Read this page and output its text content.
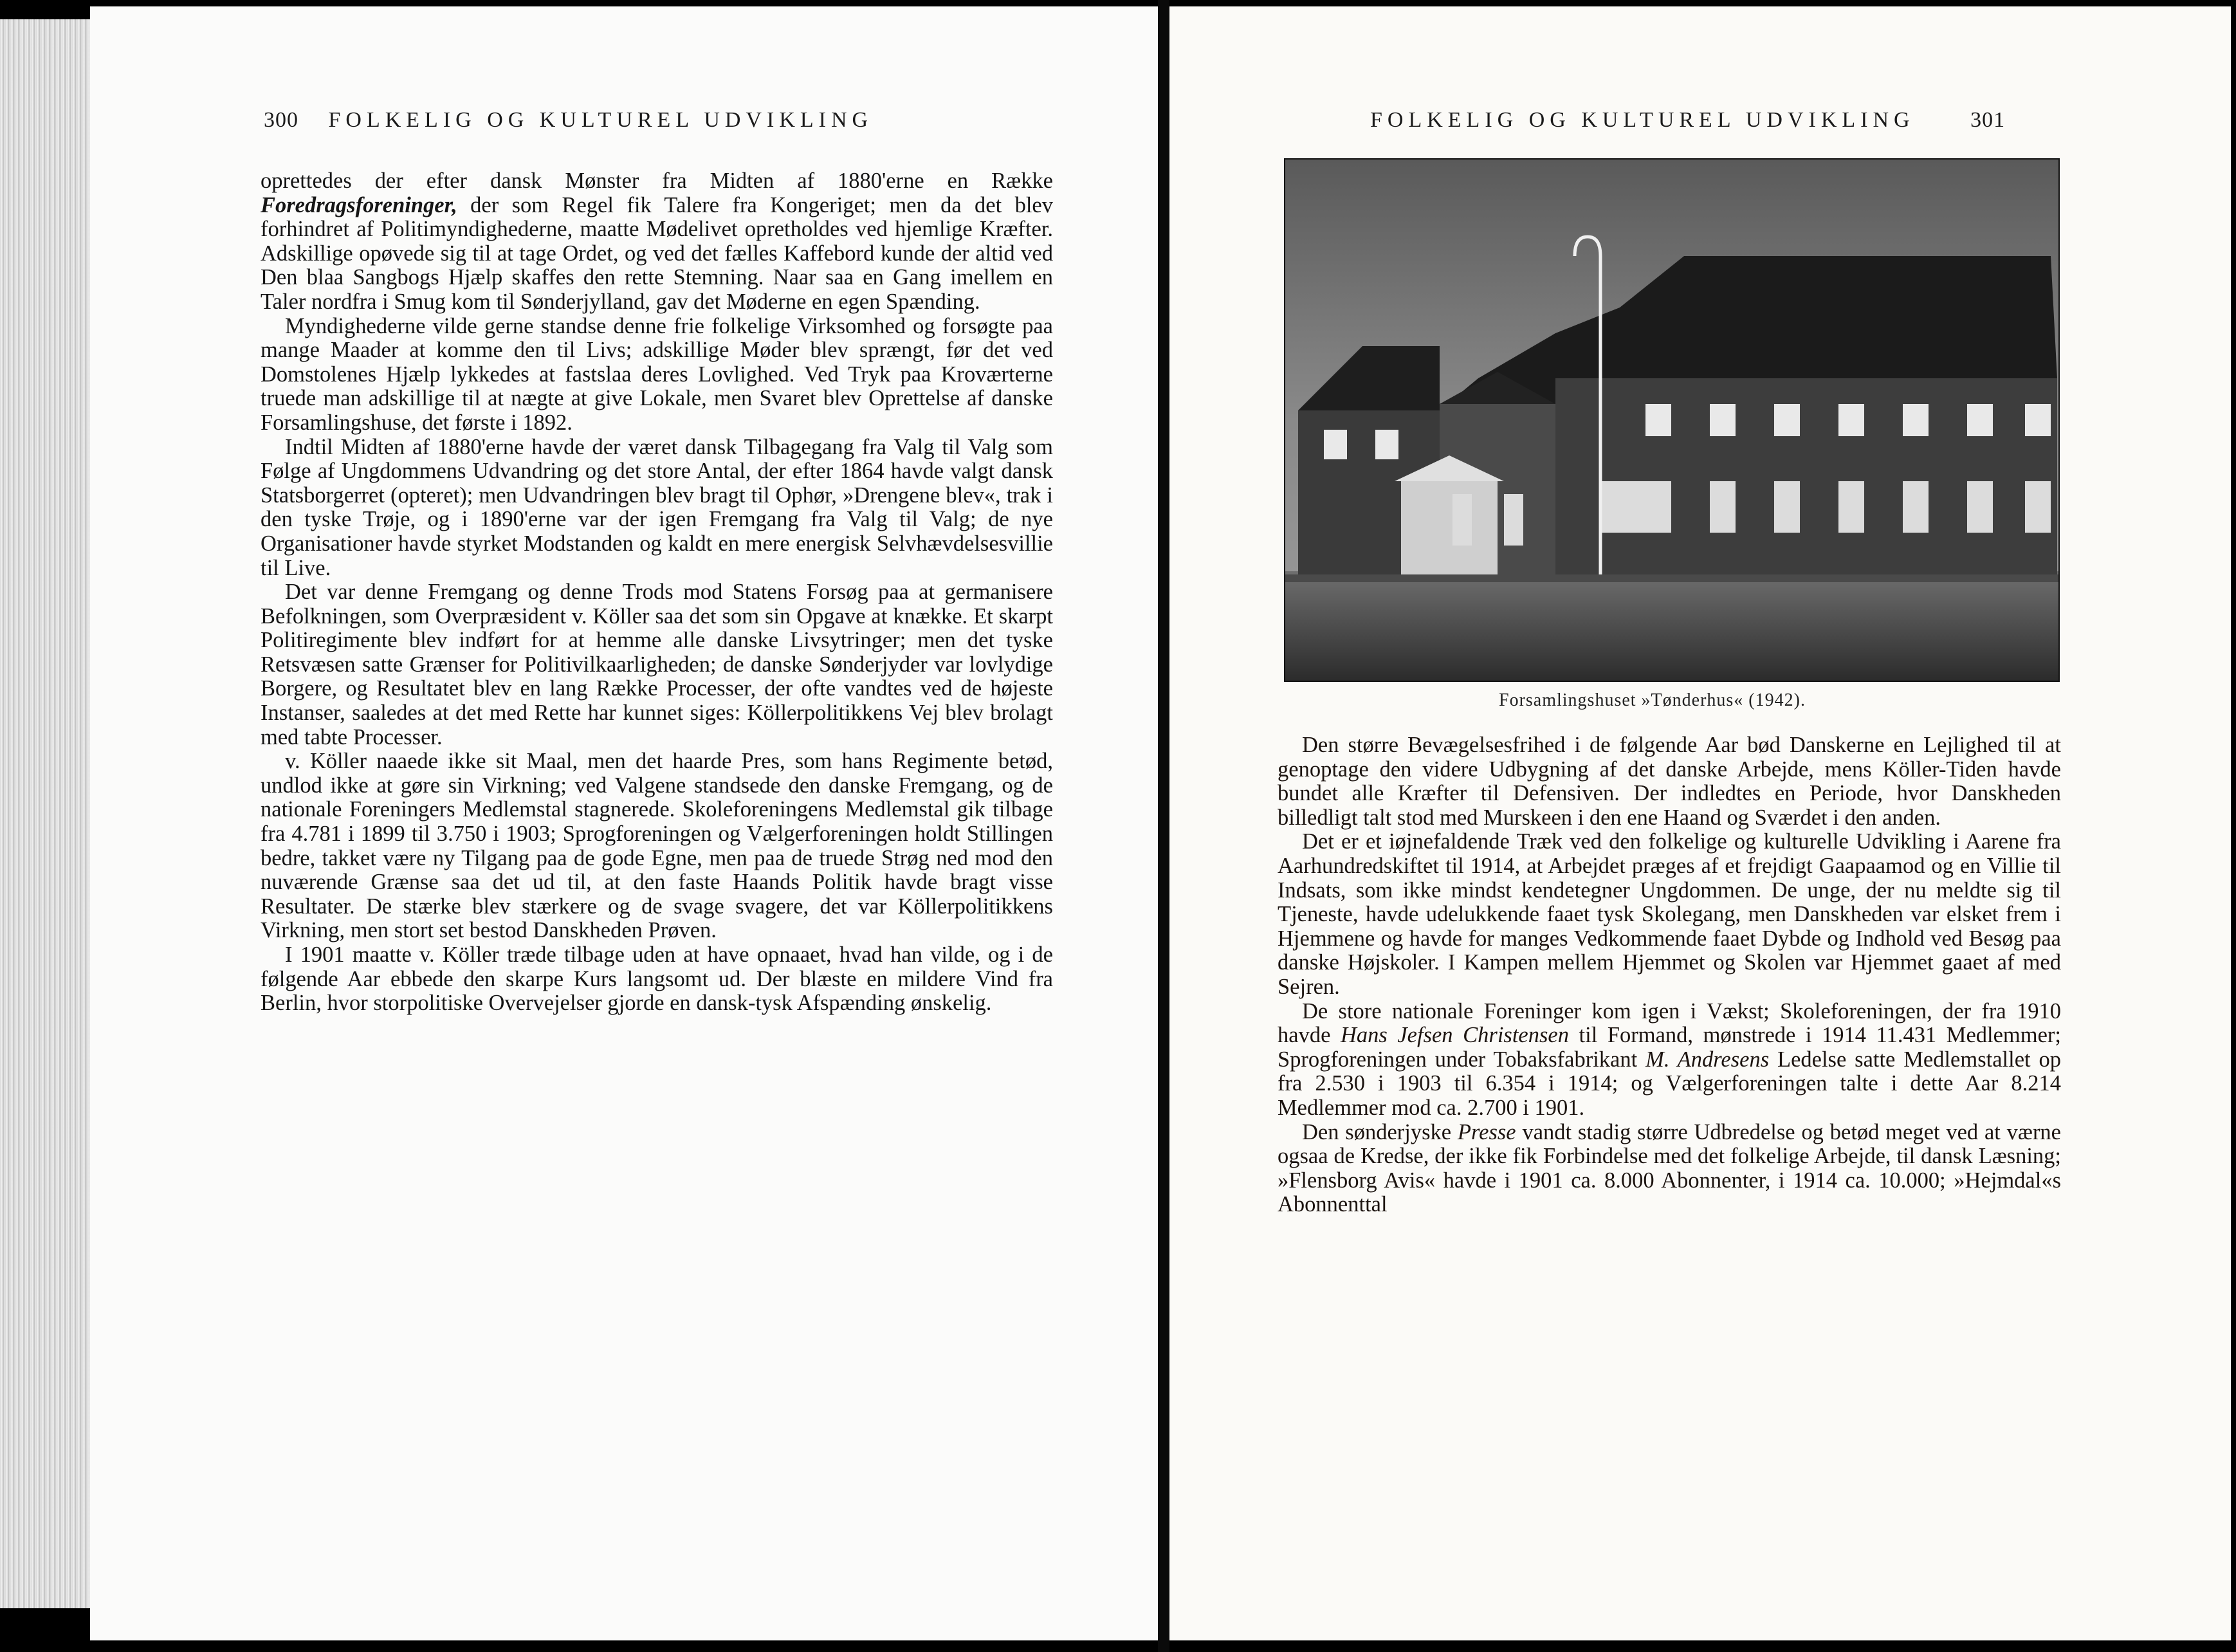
300 FOLKELIG OG KULTUREL UDVIKLING

oprettedes der efter dansk Mønster fra Midten af 1880'erne en Række Foredragsforeninger, der som Regel fik Talere fra Kongeriget; men da det blev forhindret af Politimyndighederne, maatte Mødelivet opretholdes ved hjemlige Kræfter. Adskillige opøvede sig til at tage Ordet, og ved det fælles Kaffebord kunde der altid ved Den blaa Sangbogs Hjælp skaffes den rette Stemning. Naar saa en Gang imellem en Taler nordfra i Smug kom til Sønderjylland, gav det Møderne en egen Spænding.

Myndighederne vilde gerne standse denne frie folkelige Virksomhed og forsøgte paa mange Maader at komme den til Livs; adskillige Møder blev sprængt, før det ved Domstolenes Hjælp lykkedes at fastslaa deres Lovlighed. Ved Tryk paa Kroværterne truede man adskillige til at nægte at give Lokale, men Svaret blev Oprettelse af danske Forsamlingshuse, det første i 1892.

Indtil Midten af 1880'erne havde der været dansk Tilbagegang fra Valg til Valg som Følge af Ungdommens Udvandring og det store Antal, der efter 1864 havde valgt dansk Statsborgerret (opteret); men Udvandringen blev bragt til Ophør, »Drengene blev«, trak i den tyske Trøje, og i 1890'erne var der igen Fremgang fra Valg til Valg; de nye Organisationer havde styrket Modstanden og kaldt en mere energisk Selvhævdelsesvillie til Live.

Det var denne Fremgang og denne Trods mod Statens Forsøg paa at germanisere Befolkningen, som Overpræsident v. Köller saa det som sin Opgave at knække. Et skarpt Politiregimente blev indført for at hemme alle danske Livsytringer; men det tyske Retsvæsen satte Grænser for Politivilkaarligheden; de danske Sønderjyder var lovlydige Borgere, og Resultatet blev en lang Række Processer, der ofte vandtes ved de højeste Instanser, saaledes at det med Rette har kunnet siges: Köllerpolitikkens Vej blev brolagt med tabte Processer.

v. Köller naaede ikke sit Maal, men det haarde Pres, som hans Regimente betød, undlod ikke at gøre sin Virkning; ved Valgene standsede den danske Fremgang, og de nationale Foreningers Medlemstal stagnerede. Skoleforeningens Medlemstal gik tilbage fra 4.781 i 1899 til 3.750 i 1903; Sprogforeningen og Vælgerforeningen holdt Stillingen bedre, takket være ny Tilgang paa de gode Egne, men paa de truede Strøg ned mod den nuværende Grænse saa det ud til, at den faste Haands Politik havde bragt visse Resultater. De stærke blev stærkere og de svage svagere, det var Köllerpolitikkens Virkning, men stort set bestod Danskheden Prøven.

I 1901 maatte v. Köller træde tilbage uden at have opnaaet, hvad han vilde, og i de følgende Aar ebbede den skarpe Kurs langsomt ud. Der blæste en mildere Vind fra Berlin, hvor storpolitiske Overvejelser gjorde en dansk-tysk Afspænding ønskelig.

FOLKELIG OG KULTUREL UDVIKLING	301
Forsamlingshuset »Tønderhus« (1942).

Den større Bevægelsesfrihed i de følgende Aar bød Danskerne en Lejlighed til at genoptage den videre Udbygning af det danske Arbejde, mens Köller-Tiden havde bundet alle Kræfter til Defensiven. Der indledtes en Periode, hvor Danskheden billedligt talt stod med Murskeen i den ene Haand og Sværdet i den anden.

Det er et iøjnefaldende Træk ved den folkelige og kulturelle Udvikling i Aarene fra Aarhundredskiftet til 1914, at Arbejdet præges af et frejdigt Gaapaamod og en Villie til Indsats, som ikke mindst kendetegner Ungdommen. De unge, der nu meldte sig til Tjeneste, havde udelukkende faaet tysk Skolegang, men Danskheden var elsket frem i Hjemmene og havde for manges Vedkommende faaet Dybde og Indhold ved Besøg paa danske Højskoler. I Kampen mellem Hjemmet og Skolen var Hjemmet gaaet af med Sejren.

De store nationale Foreninger kom igen i Vækst; Skoleforeningen, der fra 1910 havde Hans Jefsen Christensen til Formand, mønstrede i 1914 11.431 Medlemmer; Sprogforeningen under Tobaksfabrikant M. Andresens Ledelse satte Medlemstallet op fra 2.530 i 1903 til 6.354 i 1914; og Vælgerforeningen talte i dette Aar 8.214 Medlemmer mod ca. 2.700 i 1901.

Den sønderjyske Presse vandt stadig større Udbredelse og betød meget ved at værne ogsaa de Kredse, der ikke fik Forbindelse med det folkelige Arbejde, til dansk Læsning; »Flensborg Avis« havde i 1901 ca. 8.000 Abonnenter, i 1914 ca. 10.000; »Hejmdal«s Abonnenttal
